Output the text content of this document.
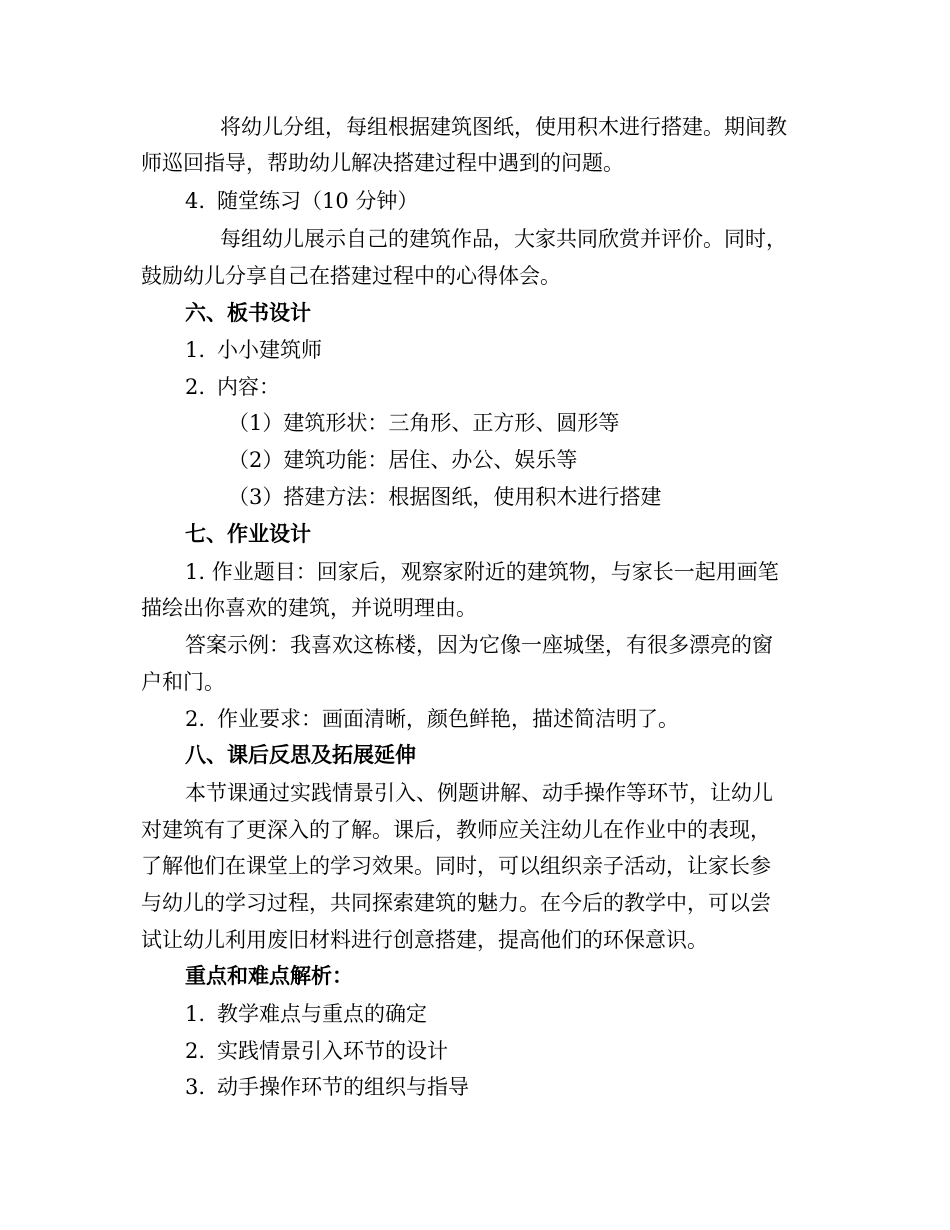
将幼儿分组，每组根据建筑图纸，使用积木进行搭建。期间教
师巡回指导，帮助幼儿解决搭建过程中遇到的问题。
4. 随堂练习（10 分钟）
每组幼儿展示自己的建筑作品，大家共同欣赏并评价。同时，
鼓励幼儿分享自己在搭建过程中的心得体会。
六、板书设计
1. 小小建筑师
2. 内容：
（1）建筑形状：三角形、正方形、圆形等
（2）建筑功能：居住、办公、娱乐等
（3）搭建方法：根据图纸，使用积木进行搭建
七、作业设计
1. 作业题目：回家后，观察家附近的建筑物，与家长一起用画笔
描绘出你喜欢的建筑，并说明理由。
答案示例：我喜欢这栋楼，因为它像一座城堡，有很多漂亮的窗
户和门。
2. 作业要求：画面清晰，颜色鲜艳，描述简洁明了。
八、课后反思及拓展延伸
本节课通过实践情景引入、例题讲解、动手操作等环节，让幼儿
对建筑有了更深入的了解。课后，教师应关注幼儿在作业中的表现，
了解他们在课堂上的学习效果。同时，可以组织亲子活动，让家长参
与幼儿的学习过程，共同探索建筑的魅力。在今后的教学中，可以尝
试让幼儿利用废旧材料进行创意搭建，提高他们的环保意识。
重点和难点解析：
1. 教学难点与重点的确定
2. 实践情景引入环节的设计
3. 动手操作环节的组织与指导
